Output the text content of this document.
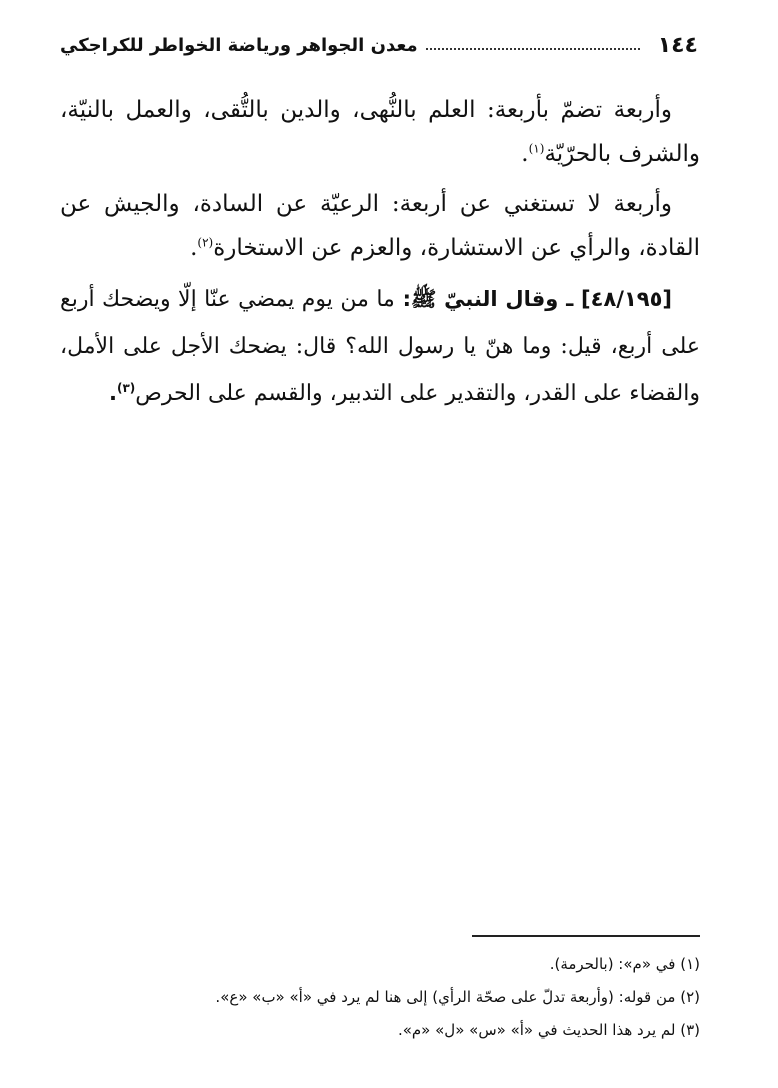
١٤٤
معدن الجواهر ورياضة الخواطر للكراجكي

وأربعة تضمّ بأربعة: العلم بالنُّهى، والدين بالتُّقى، والعمل بالنيّة، والشرف بالحرّيّة$^{(١)}$.

وأربعة لا تستغني عن أربعة: الرعيّة عن السادة، والجيش عن القادة، والرأي عن الاستشارة، والعزم عن الاستخارة$^{(٢)}$.

[٤٨/١٩٥] ـ وقال النبيّ ﷺ: ما من يوم يمضي عنّا إلّا ويضحك أربع على أربع، قيل: وما هنّ يا رسول الله؟ قال: يضحك الأجل على الأمل، والقضاء على القدر، والتقدير على التدبير، والقسم على الحرص$^{(٣)}$.

(١) في «م»: (بالحرمة).
(٢) من قوله: (وأربعة تدلّ على صحّة الرأي) إلى هنا لم يرد في «أ» «ب» «ع».
(٣) لم يرد هذا الحديث في «أ» «س» «ل» «م».
